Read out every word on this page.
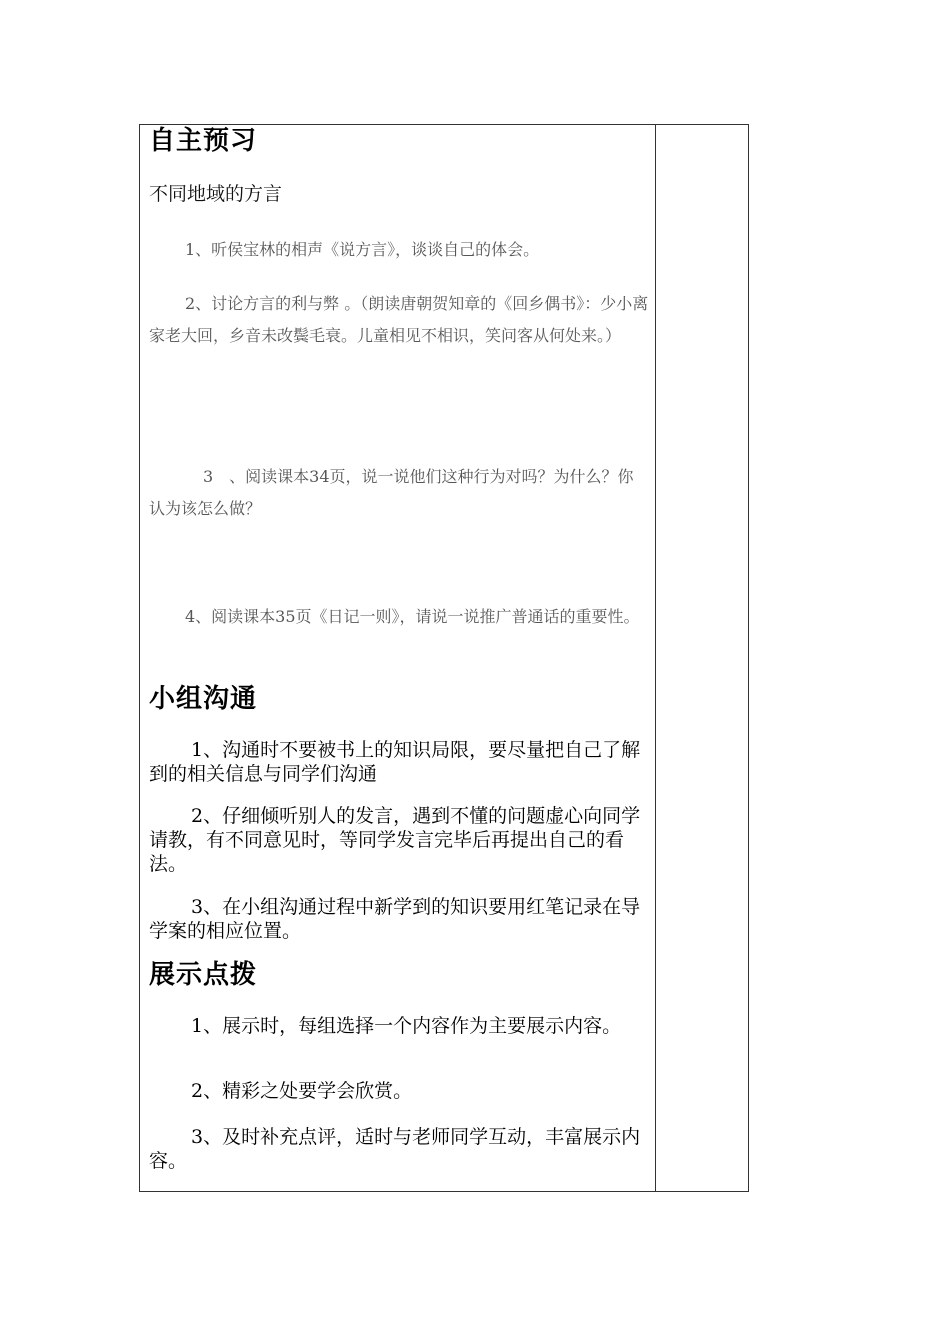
自主预习
不同地域的方言
1、听侯宝林的相声《说方言》，谈谈自己的体会。
2、讨论方言的利与弊 。（朗读唐朝贺知章的《回乡偶书》：少小离家老大回，乡音未改鬓毛衰。儿童相见不相识，笑问客从何处来。）
3　、阅读课本34页，说一说他们这种行为对吗？为什么？你认为该怎么做？
4、阅读课本35页《日记一则》，请说一说推广普通话的重要性。
小组沟通
1、沟通时不要被书上的知识局限，要尽量把自己了解到的相关信息与同学们沟通
2、仔细倾听别人的发言，遇到不懂的问题虚心向同学请教，有不同意见时，等同学发言完毕后再提出自己的看法。
3、在小组沟通过程中新学到的知识要用红笔记录在导学案的相应位置。
展示点拨
1、展示时，每组选择一个内容作为主要展示内容。
2、精彩之处要学会欣赏。
3、及时补充点评，适时与老师同学互动，丰富展示内容。
